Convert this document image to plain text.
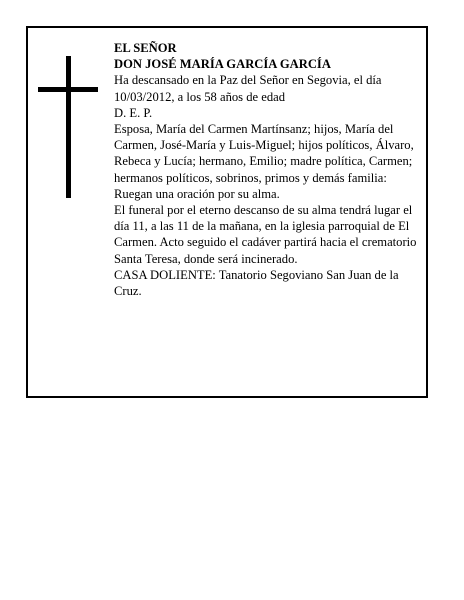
EL SEÑOR

DON JOSÉ MARÍA GARCÍA GARCÍA

Ha descansado en la Paz del Señor en Segovia, el día 10/03/2012, a los 58 años de edad

D. E. P.

Esposa, María del Carmen Martínsanz; hijos, María del Carmen, José-María y Luis-Miguel; hijos políticos, Álvaro, Rebeca y Lucía; hermano, Emilio; madre política, Carmen; hermanos políticos, sobrinos, primos y demás familia:

Ruegan una oración por su alma.

El funeral por el eterno descanso de su alma tendrá lugar el día 11, a las 11 de la mañana, en la iglesia parroquial de El Carmen. Acto seguido el cadáver partirá hacia el crematorio Santa Teresa, donde será incinerado.

CASA DOLIENTE: Tanatorio Segoviano San Juan de la Cruz.
